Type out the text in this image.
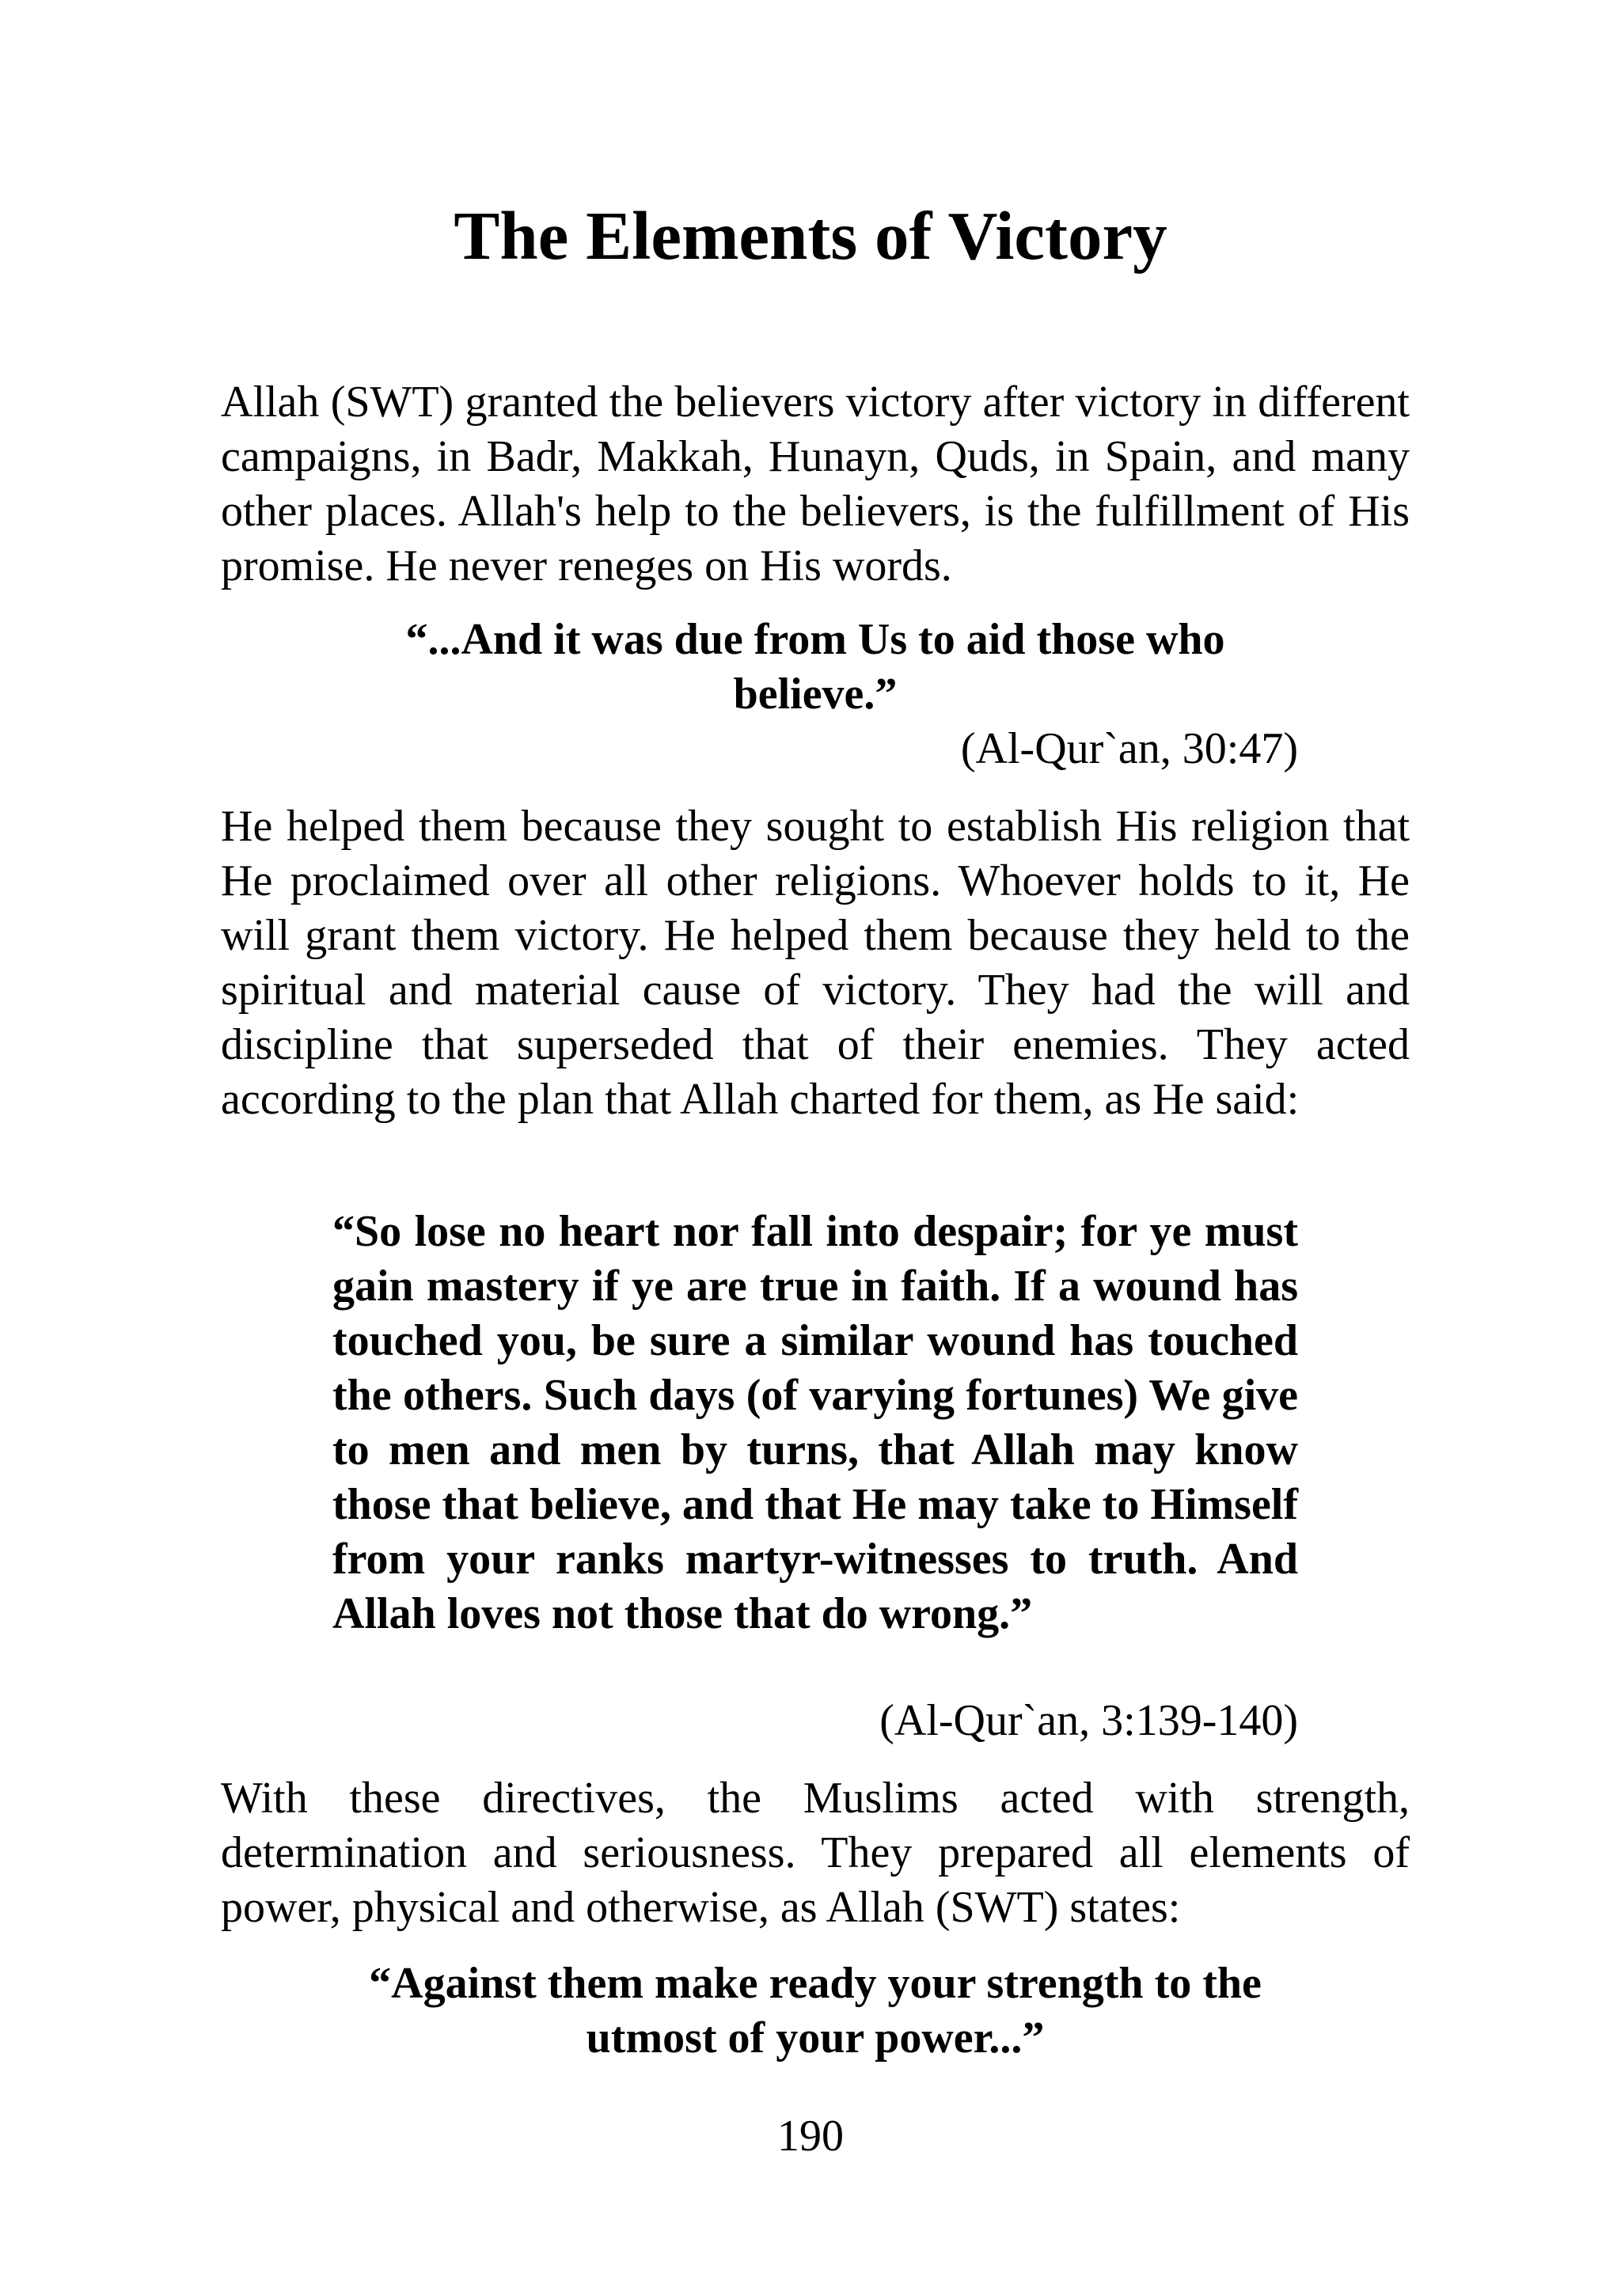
The Elements of Victory

Allah (SWT) granted the believers victory after victory in different campaigns, in Badr, Makkah, Hunayn, Quds, in Spain, and many other places. Allah's help to the believers, is the fulfillment of His promise. He never reneges on His words.

“...And it was due from Us to aid those who believe.”

(Al-Qur`an, 30:47)

He helped them because they sought to establish His religion that He proclaimed over all other religions. Whoever holds to it, He will grant them victory. He helped them because they held to the spiritual and material cause of victory. They had the will and discipline that superseded that of their enemies. They acted according to the plan that Allah charted for them, as He said:

“So lose no heart nor fall into despair; for ye must gain mastery if ye are true in faith. If a wound has touched you, be sure a similar wound has touched the others. Such days (of varying fortunes) We give to men and men by turns, that Allah may know those that believe, and that He may take to Himself from your ranks martyr-witnesses to truth. And Allah loves not those that do wrong.”

(Al-Qur`an, 3:139-140)

With these directives, the Muslims acted with strength, determination and seriousness. They prepared all elements of power, physical and otherwise, as Allah (SWT) states:

“Against them make ready your strength to the utmost of your power...”

190
